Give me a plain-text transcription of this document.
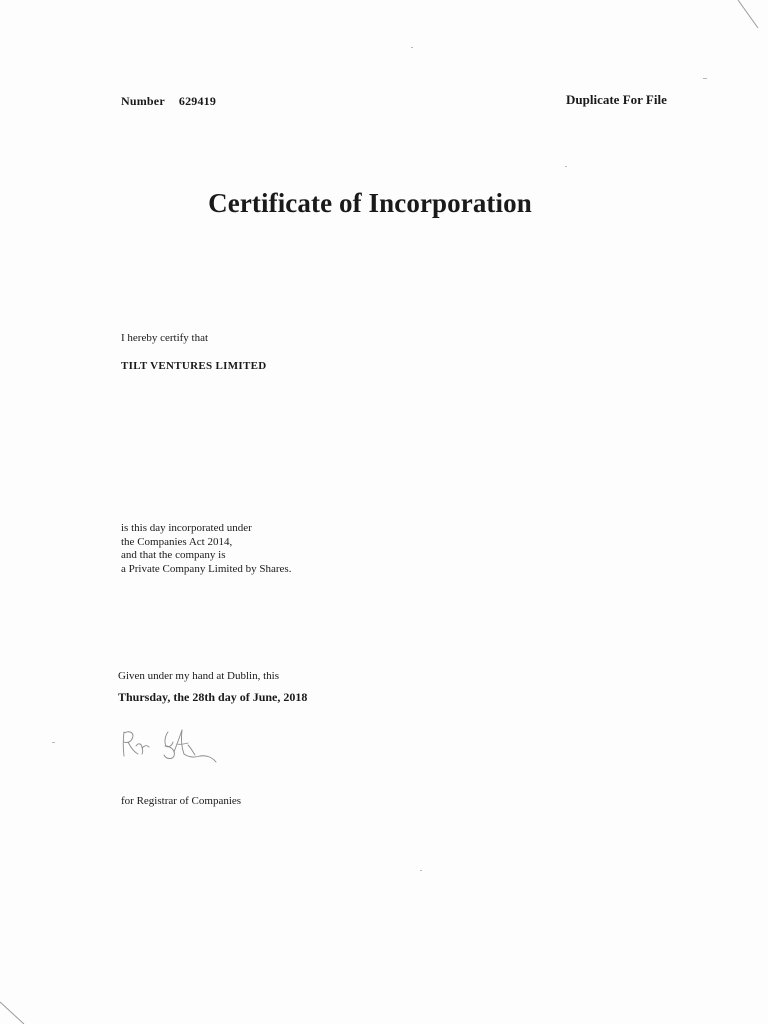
Number 629419	Duplicate For File
Certificate of Incorporation
I hereby certify that
TILT VENTURES LIMITED
is this day incorporated under
the Companies Act 2014,
and that the company is
a Private Company Limited by Shares.
Given under my hand at Dublin, this
Thursday, the 28th day of June, 2018
for Registrar of Companies
